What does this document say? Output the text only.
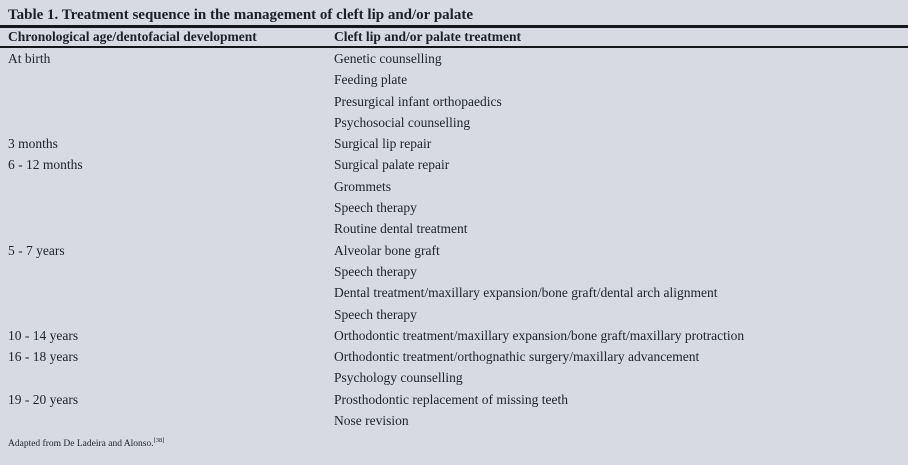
Table 1. Treatment sequence in the management of cleft lip and/or palate
Chronological age/dentofacial development	Cleft lip and/or palate treatment
At birth	Genetic counselling
Feeding plate
Presurgical infant orthopaedics
Psychosocial counselling
3 months	Surgical lip repair
6 - 12 months	Surgical palate repair
Grommets
Speech therapy
Routine dental treatment
5 - 7 years	Alveolar bone graft
Speech therapy
Dental treatment/maxillary expansion/bone graft/dental arch alignment
Speech therapy
10 - 14 years	Orthodontic treatment/maxillary expansion/bone graft/maxillary protraction
16 - 18 years	Orthodontic treatment/orthognathic surgery/maxillary advancement
Psychology counselling
19 - 20 years	Prosthodontic replacement of missing teeth
Nose revision
Adapted from De Ladeira and Alonso.[38]
